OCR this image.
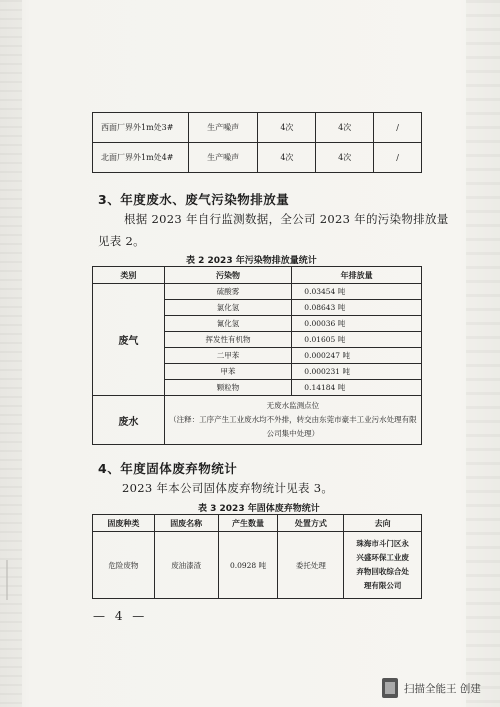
西面厂界外1m处3#	生产噪声	4次	4次	/
北面厂界外1m处4#	生产噪声	4次	4次	/
3、年度废水、废气污染物排放量
根据 2023 年自行监测数据，全公司 2023 年的污染物排放量
见表 2。
表 2 2023 年污染物排放量统计
类别	污染物	年排放量
废气	硫酸雾	0.03454 吨
	氯化氢	0.08643 吨
	氰化氢	0.00036 吨
	挥发性有机物	0.01605 吨
	二甲苯	0.000247 吨
	甲苯	0.000231 吨
	颗粒物	0.14184 吨
废水	无废水监测点位
（注释：工序产生工业废水均不外排，转交由东莞市豪丰工业污水处理有限
公司集中处理）	
4、年度固体废弃物统计
2023 年本公司固体废弃物统计见表 3。
表 3 2023 年固体废弃物统计
固废种类	固废名称	产生数量	处置方式	去向
危险废物	废油漆渣	0.0928 吨	委托处理	珠海市斗门区永
兴盛环保工业废
弃物回收综合处
理有限公司
— 4 —
扫描全能王 创建
